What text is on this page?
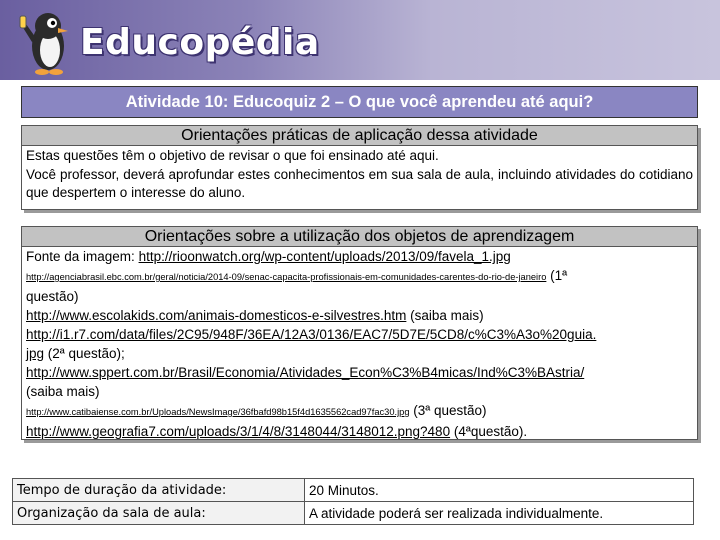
Educopédia
Atividade 10: Educoquiz 2 – O que você aprendeu até aqui?
Orientações práticas de aplicação dessa atividade
Estas questões têm o objetivo de revisar o que foi ensinado até aqui.
Você professor, deverá aprofundar estes conhecimentos em sua sala de aula, incluindo atividades do cotidiano que despertem o interesse do aluno.
Orientações sobre a utilização dos objetos de aprendizagem
Fonte da imagem: http://rioonwatch.org/wp-content/uploads/2013/09/favela_1.jpg
http://agenciabrasil.ebc.com.br/geral/noticia/2014-09/senac-capacita-profissionais-em-comunidades-carentes-do-rio-de-janeiro (1ª
questão)
http://www.escolakids.com/animais-domesticos-e-silvestres.htm (saiba mais)
http://i1.r7.com/data/files/2C95/948F/36EA/12A3/0136/EAC7/5D7E/5CD8/c%C3%A3o%20guia.
jpg (2ª questão);
http://www.sppert.com.br/Brasil/Economia/Atividades_Econ%C3%B4micas/Ind%C3%BAstria/
(saiba mais)
http://www.catibaiense.com.br/Uploads/NewsImage/36fbafd98b15f4d1635562cad97fac30.jpg (3ª questão)
http://www.geografia7.com/uploads/3/1/4/8/3148044/3148012.png?480 (4ªquestão).
Tempo de duração da atividade:	20 Minutos.
Organização da sala de aula:	A atividade poderá ser realizada individualmente.
